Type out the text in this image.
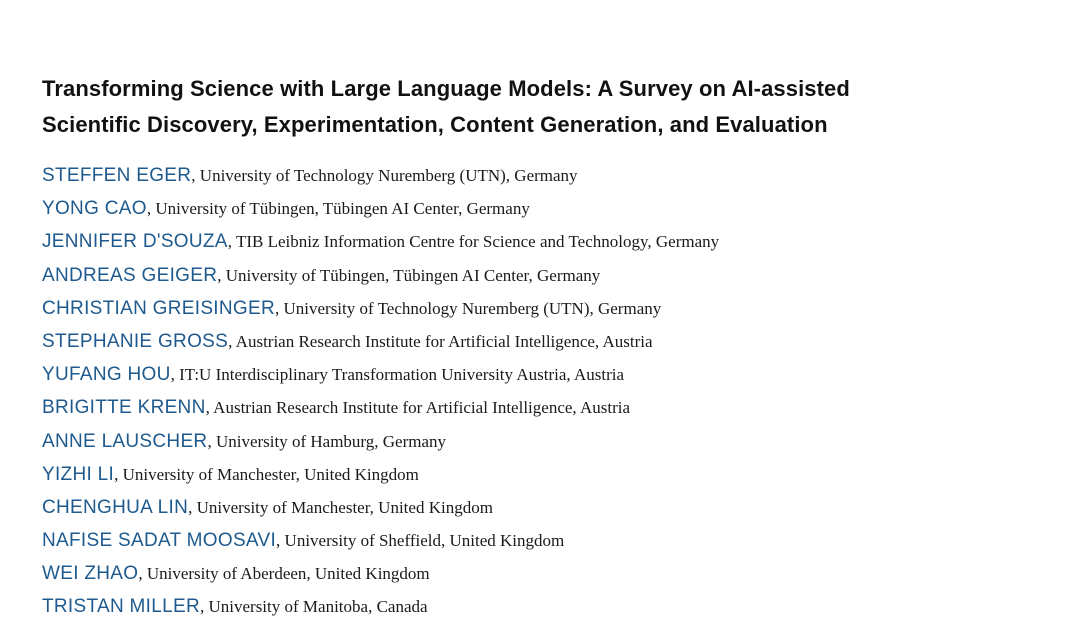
Transforming Science with Large Language Models: A Survey on AI-assisted
Scientific Discovery, Experimentation, Content Generation, and Evaluation
STEFFEN EGER, University of Technology Nuremberg (UTN), Germany
YONG CAO, University of Tübingen, Tübingen AI Center, Germany
JENNIFER D'SOUZA, TIB Leibniz Information Centre for Science and Technology, Germany
ANDREAS GEIGER, University of Tübingen, Tübingen AI Center, Germany
CHRISTIAN GREISINGER, University of Technology Nuremberg (UTN), Germany
STEPHANIE GROSS, Austrian Research Institute for Artificial Intelligence, Austria
YUFANG HOU, IT:U Interdisciplinary Transformation University Austria, Austria
BRIGITTE KRENN, Austrian Research Institute for Artificial Intelligence, Austria
ANNE LAUSCHER, University of Hamburg, Germany
YIZHI LI, University of Manchester, United Kingdom
CHENGHUA LIN, University of Manchester, United Kingdom
NAFISE SADAT MOOSAVI, University of Sheffield, United Kingdom
WEI ZHAO, University of Aberdeen, United Kingdom
TRISTAN MILLER, University of Manitoba, Canada
